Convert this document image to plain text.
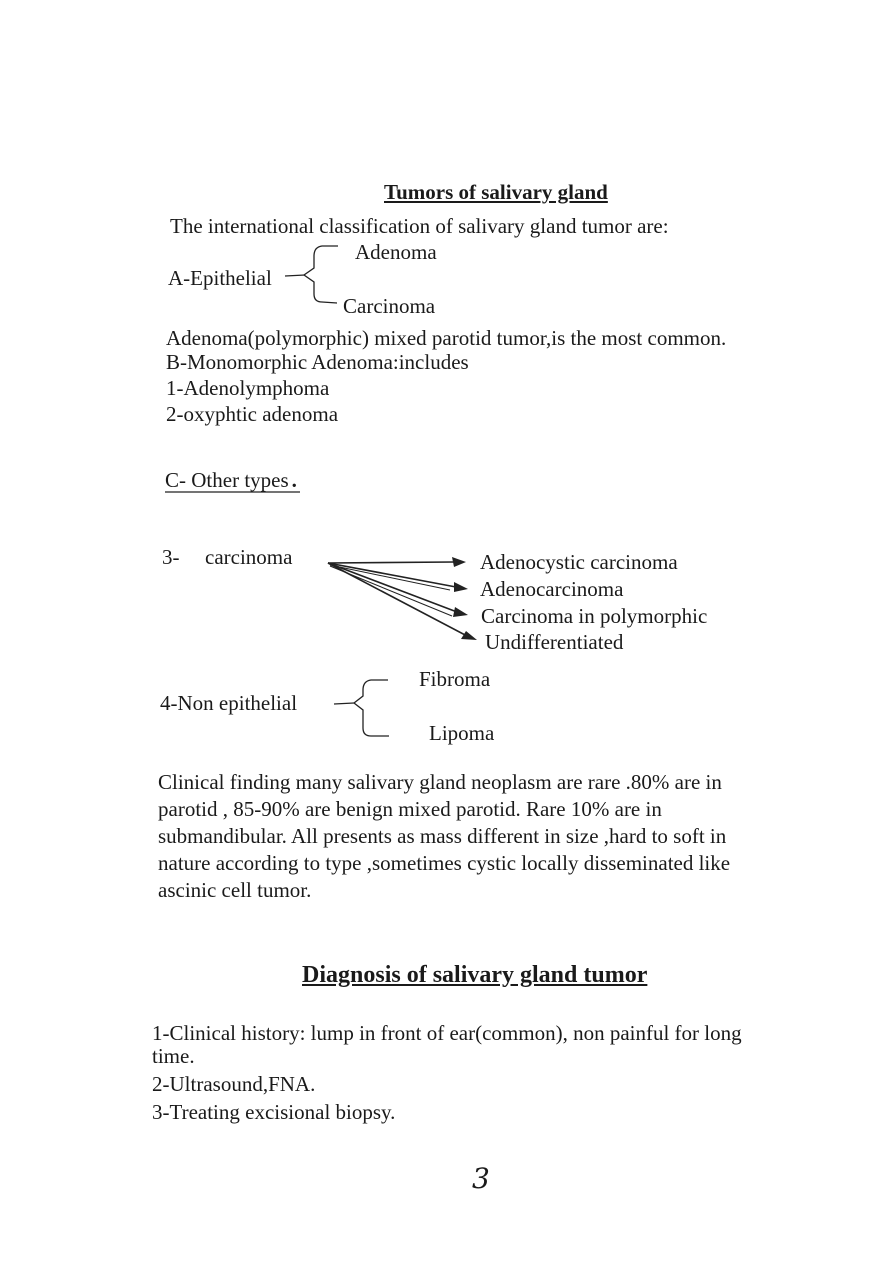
Tumors of salivary gland
The international classification of salivary gland tumor are:
Adenoma
A-Epithelial
Carcinoma
Adenoma(polymorphic) mixed parotid tumor,is the most common.
B-Monomorphic Adenoma:includes
1-Adenolymphoma
2-oxyphtic adenoma
C- Other types .
3- carcinoma	Adenocystic carcinoma
Adenocarcinoma
Carcinoma in polymorphic
Undifferentiated
Fibroma
4-Non epithelial
Lipoma
Clinical finding many salivary gland neoplasm are rare .80% are in
parotid , 85-90% are benign mixed parotid. Rare 10% are in
submandibular. All presents as mass different in size ,hard to soft in
nature according to type ,sometimes cystic locally disseminated like
ascinic cell tumor.
Diagnosis of salivary gland tumor
1-Clinical history: lump in front of ear(common), non painful for long
time.
2-Ultrasound,FNA.
3-Treating excisional biopsy.
3
